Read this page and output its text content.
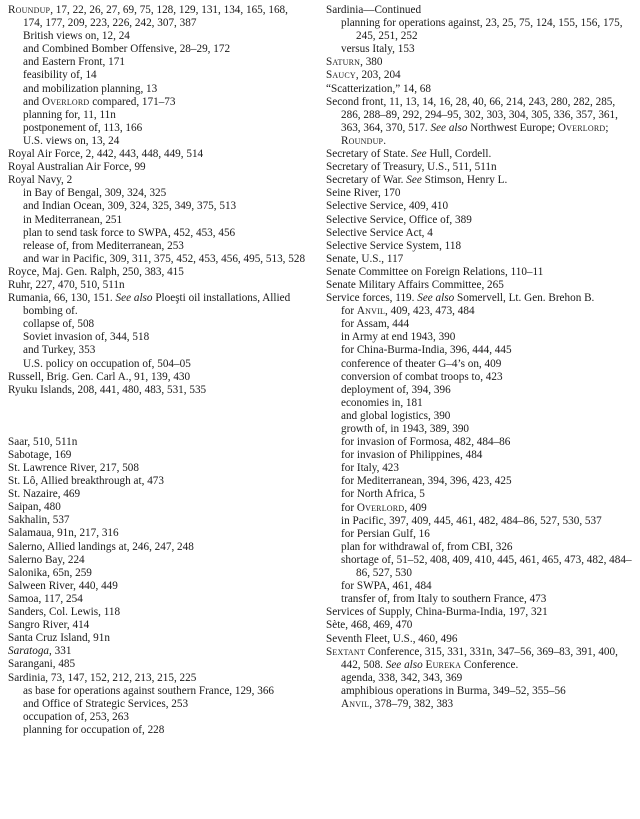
Roundup, 17, 22, 26, 27, 69, 75, 128, 129, 131, 134, 165, 168, 174, 177, 209, 223, 226, 242, 307, 387
British views on, 12, 24
and Combined Bomber Offensive, 28–29, 172
and Eastern Front, 171
feasibility of, 14
and mobilization planning, 13
and Overlord compared, 171–73
planning for, 11, 11n
postponement of, 113, 166
U.S. views on, 13, 24
Royal Air Force, 2, 442, 443, 448, 449, 514
Royal Australian Air Force, 99
Royal Navy, 2
in Bay of Bengal, 309, 324, 325
and Indian Ocean, 309, 324, 325, 349, 375, 513
in Mediterranean, 251
plan to send task force to SWPA, 452, 453, 456
release of, from Mediterranean, 253
and war in Pacific, 309, 311, 375, 452, 453, 456, 495, 513, 528
Royce, Maj. Gen. Ralph, 250, 383, 415
Ruhr, 227, 470, 510, 511n
Rumania, 66, 130, 151. See also Ploeşti oil installations, Allied bombing of.
collapse of, 508
Soviet invasion of, 344, 518
and Turkey, 353
U.S. policy on occupation of, 504–05
Russell, Brig. Gen. Carl A., 91, 139, 430
Ryuku Islands, 208, 441, 480, 483, 531, 535
Saar, 510, 511n
Sabotage, 169
St. Lawrence River, 217, 508
St. Lô, Allied breakthrough at, 473
St. Nazaire, 469
Saipan, 480
Sakhalin, 537
Salamaua, 91n, 217, 316
Salerno, Allied landings at, 246, 247, 248
Salerno Bay, 224
Salonika, 65n, 259
Salween River, 440, 449
Samoa, 117, 254
Sanders, Col. Lewis, 118
Sangro River, 414
Santa Cruz Island, 91n
Saratoga, 331
Sarangani, 485
Sardinia, 73, 147, 152, 212, 213, 215, 225
as base for operations against southern France, 129, 366
and Office of Strategic Services, 253
occupation of, 253, 263
planning for occupation of, 228
Sardinia—Continued
planning for operations against, 23, 25, 75, 124, 155, 156, 175, 245, 251, 252
versus Italy, 153
Saturn, 380
Saucy, 203, 204
“Scatterization,” 14, 68
Second front, 11, 13, 14, 16, 28, 40, 66, 214, 243, 280, 282, 285, 286, 288–89, 292, 294–95, 302, 303, 304, 305, 336, 357, 361, 363, 364, 370, 517. See also Northwest Europe; Overlord; Roundup.
Secretary of State. See Hull, Cordell.
Secretary of Treasury, U.S., 511, 511n
Secretary of War. See Stimson, Henry L.
Seine River, 170
Selective Service, 409, 410
Selective Service, Office of, 389
Selective Service Act, 4
Selective Service System, 118
Senate, U.S., 117
Senate Committee on Foreign Relations, 110–11
Senate Military Affairs Committee, 265
Service forces, 119. See also Somervell, Lt. Gen. Brehon B.
for Anvil, 409, 423, 473, 484
for Assam, 444
in Army at end 1943, 390
for China-Burma-India, 396, 444, 445
conference of theater G–4’s on, 409
conversion of combat troops to, 423
deployment of, 394, 396
economies in, 181
and global logistics, 390
growth of, in 1943, 389, 390
for invasion of Formosa, 482, 484–86
for invasion of Philippines, 484
for Italy, 423
for Mediterranean, 394, 396, 423, 425
for North Africa, 5
for Overlord, 409
in Pacific, 397, 409, 445, 461, 482, 484–86, 527, 530, 537
for Persian Gulf, 16
plan for withdrawal of, from CBI, 326
shortage of, 51–52, 408, 409, 410, 445, 461, 465, 473, 482, 484–86, 527, 530
for SWPA, 461, 484
transfer of, from Italy to southern France, 473
Services of Supply, China-Burma-India, 197, 321
Sète, 468, 469, 470
Seventh Fleet, U.S., 460, 496
Sextant Conference, 315, 331, 331n, 347–56, 369–83, 391, 400, 442, 508. See also Eureka Conference.
agenda, 338, 342, 343, 369
amphibious operations in Burma, 349–52, 355–56
Anvil, 378–79, 382, 383
